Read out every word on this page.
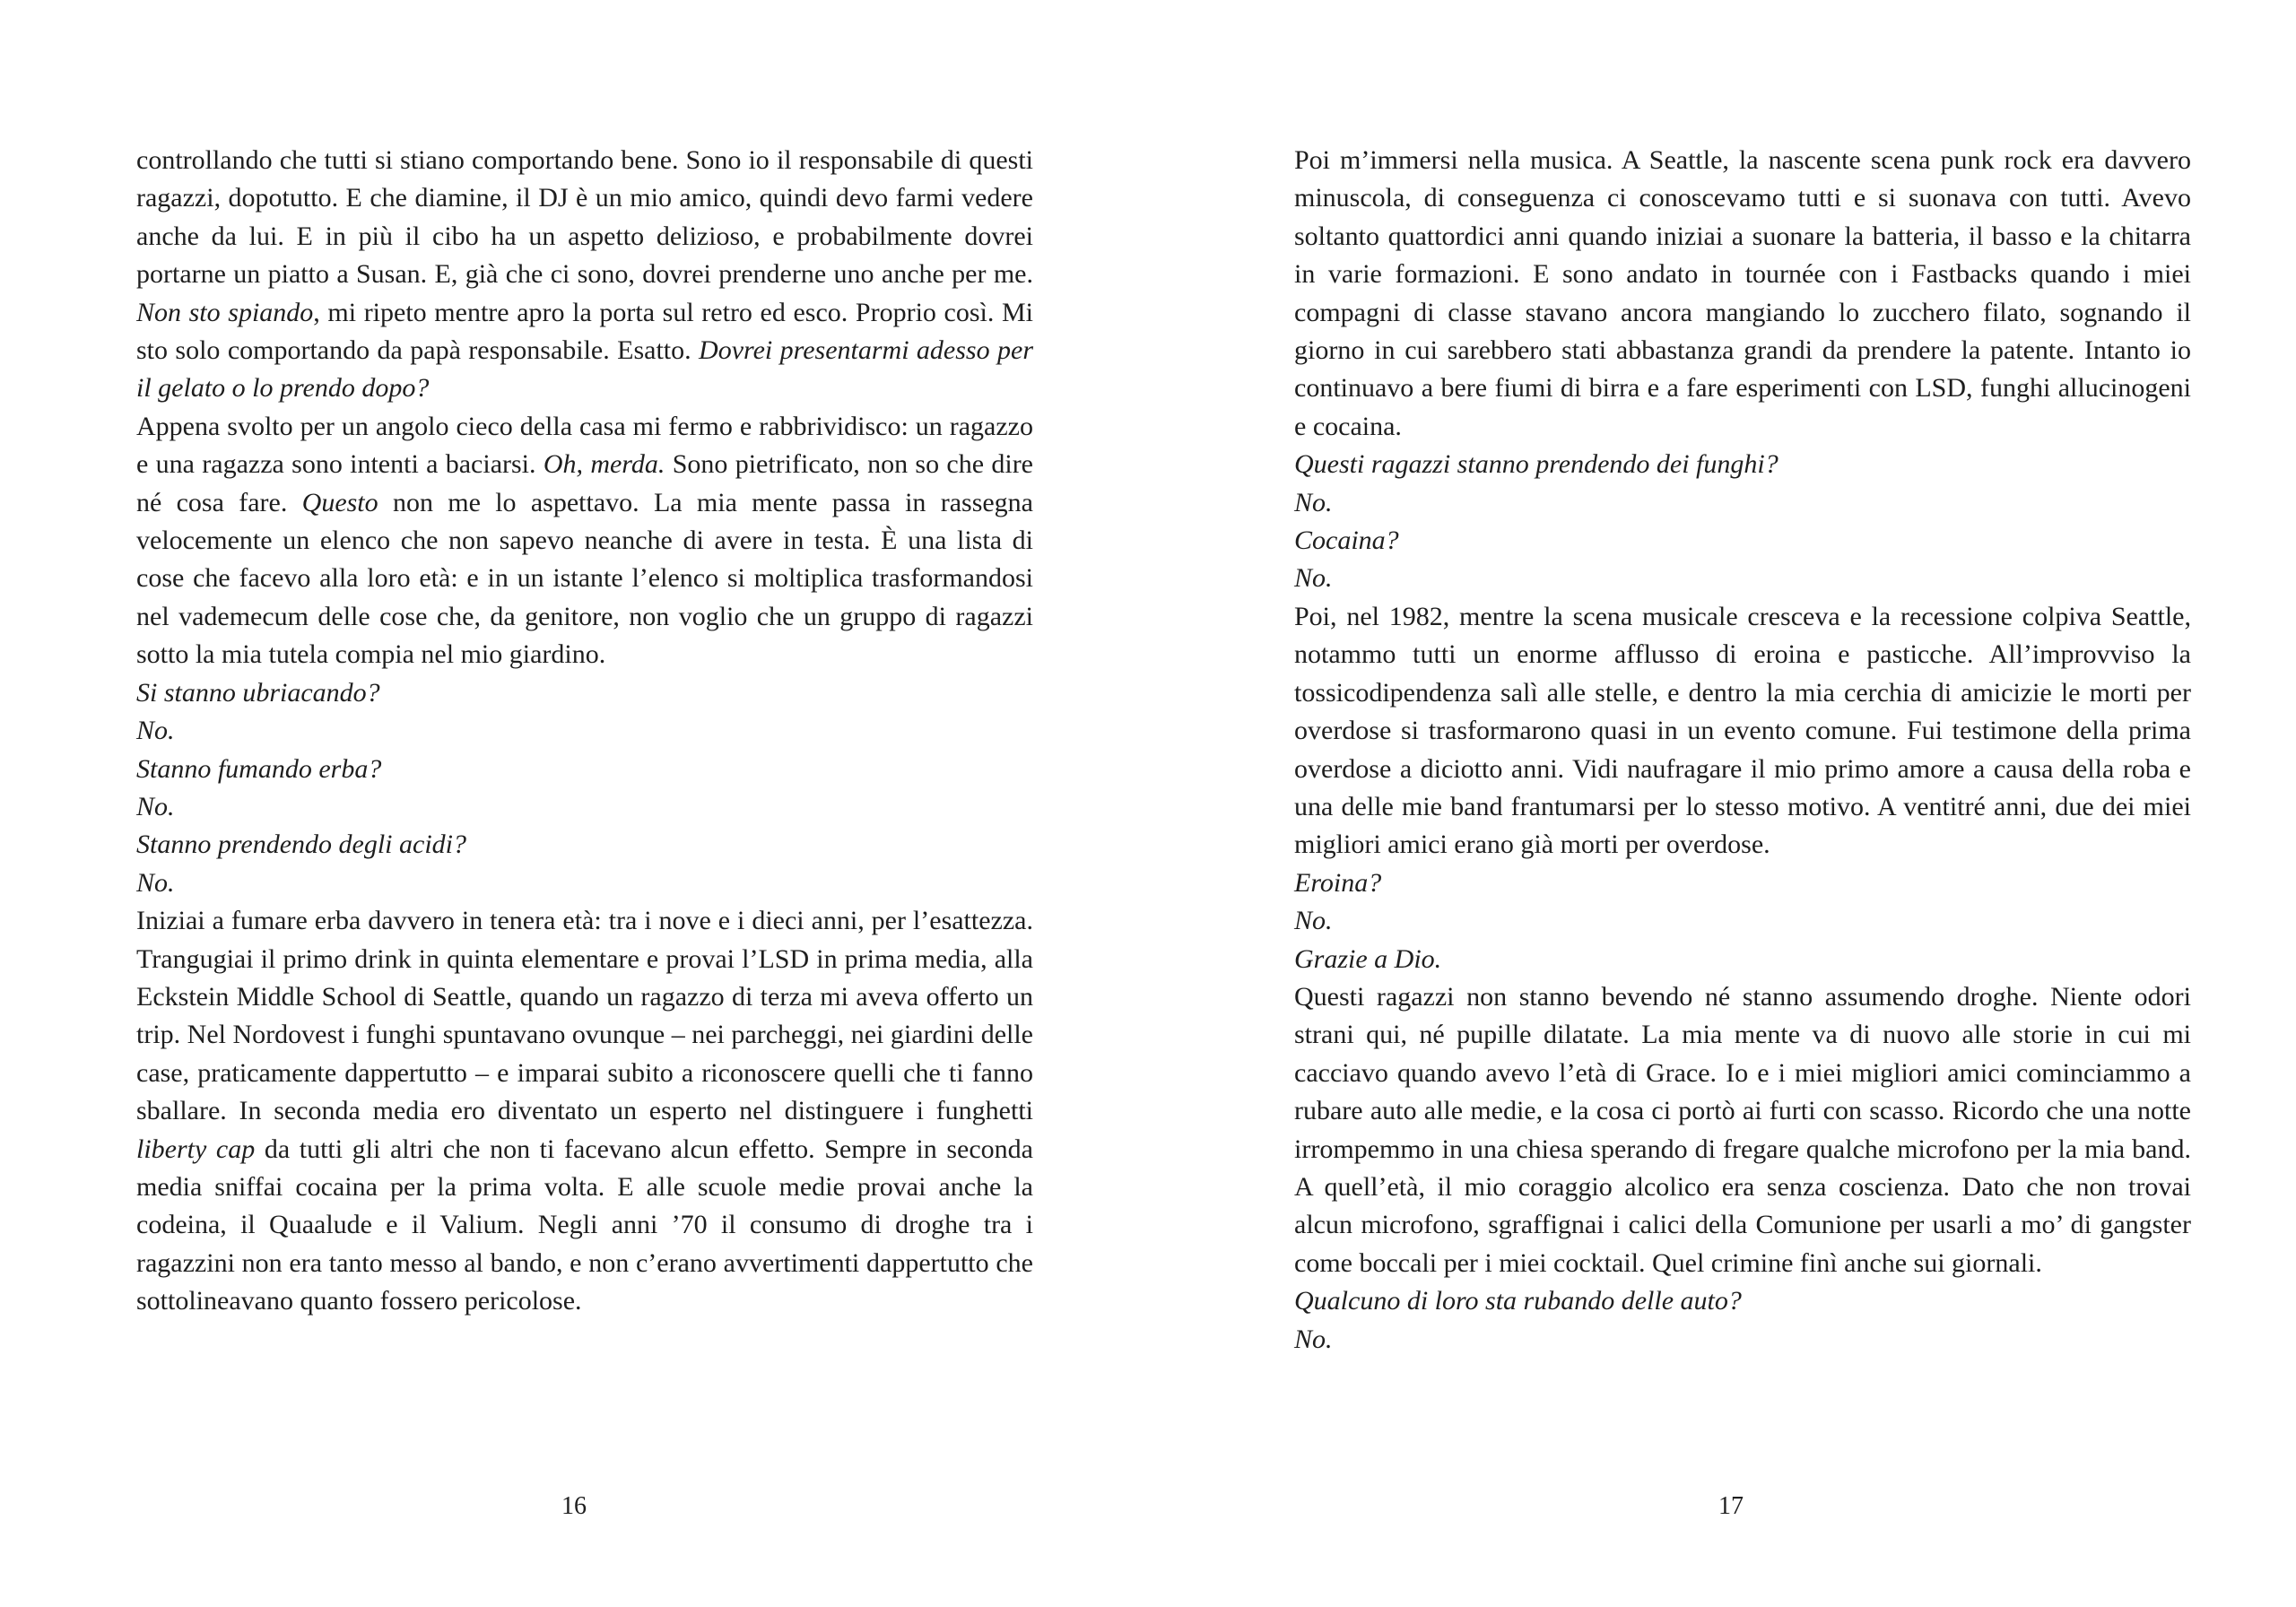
controllando che tutti si stiano comportando bene. Sono io il responsabile di questi ragazzi, dopotutto. E che diamine, il DJ è un mio amico, quindi devo farmi vedere anche da lui. E in più il cibo ha un aspetto delizioso, e probabilmente dovrei portarne un piatto a Susan. E, già che ci sono, dovrei prenderne uno anche per me. Non sto spiando, mi ripeto mentre apro la porta sul retro ed esco. Proprio così. Mi sto solo comportando da papà responsabile. Esatto. Dovrei presentarmi adesso per il gelato o lo prendo dopo?

Appena svolto per un angolo cieco della casa mi fermo e rabbrividisco: un ragazzo e una ragazza sono intenti a baciarsi. Oh, merda. Sono pietrificato, non so che dire né cosa fare. Questo non me lo aspettavo. La mia mente passa in rassegna velocemente un elenco che non sapevo neanche di avere in testa. È una lista di cose che facevo alla loro età: e in un istante l’elenco si moltiplica trasformandosi nel vademecum delle cose che, da genitore, non voglio che un gruppo di ragazzi sotto la mia tutela compia nel mio giardino.

Si stanno ubriacando?

No.

Stanno fumando erba?

No.

Stanno prendendo degli acidi?

No.

Iniziai a fumare erba davvero in tenera età: tra i nove e i dieci anni, per l’esattezza. Trangugiai il primo drink in quinta elementare e provai l’LSD in prima media, alla Eckstein Middle School di Seattle, quando un ragazzo di terza mi aveva offerto un trip. Nel Nordovest i funghi spuntavano ovunque – nei parcheggi, nei giardini delle case, praticamente dappertutto – e imparai subito a riconoscere quelli che ti fanno sballare. In seconda media ero diventato un esperto nel distinguere i funghetti liberty cap da tutti gli altri che non ti facevano alcun effetto. Sempre in seconda media sniffai cocaina per la prima volta. E alle scuole medie provai anche la codeina, il Quaalude e il Valium. Negli anni ’70 il consumo di droghe tra i ragazzini non era tanto messo al bando, e non c’erano avvertimenti dappertutto che sottolineavano quanto fossero pericolose.

16

Poi m’immersi nella musica. A Seattle, la nascente scena punk rock era davvero minuscola, di conseguenza ci conoscevamo tutti e si suonava con tutti. Avevo soltanto quattordici anni quando iniziai a suonare la batteria, il basso e la chitarra in varie formazioni. E sono andato in tournée con i Fastbacks quando i miei compagni di classe stavano ancora mangiando lo zucchero filato, sognando il giorno in cui sarebbero stati abbastanza grandi da prendere la patente. Intanto io continuavo a bere fiumi di birra e a fare esperimenti con LSD, funghi allucinogeni e cocaina.

Questi ragazzi stanno prendendo dei funghi?

No.

Cocaina?

No.

Poi, nel 1982, mentre la scena musicale cresceva e la recessione colpiva Seattle, notammo tutti un enorme afflusso di eroina e pasticche. All’improvviso la tossicodipendenza salì alle stelle, e dentro la mia cerchia di amicizie le morti per overdose si trasformarono quasi in un evento comune. Fui testimone della prima overdose a diciotto anni. Vidi naufragare il mio primo amore a causa della roba e una delle mie band frantumarsi per lo stesso motivo. A ventitré anni, due dei miei migliori amici erano già morti per overdose.

Eroina?

No.

Grazie a Dio.

Questi ragazzi non stanno bevendo né stanno assumendo droghe. Niente odori strani qui, né pupille dilatate. La mia mente va di nuovo alle storie in cui mi cacciavo quando avevo l’età di Grace. Io e i miei migliori amici cominciammo a rubare auto alle medie, e la cosa ci portò ai furti con scasso. Ricordo che una notte irrompemmo in una chiesa sperando di fregare qualche microfono per la mia band. A quell’età, il mio coraggio alcolico era senza coscienza. Dato che non trovai alcun microfono, sgraffignai i calici della Comunione per usarli a mo’ di gangster come boccali per i miei cocktail. Quel crimine finì anche sui giornali.

Qualcuno di loro sta rubando delle auto?

No.

17
